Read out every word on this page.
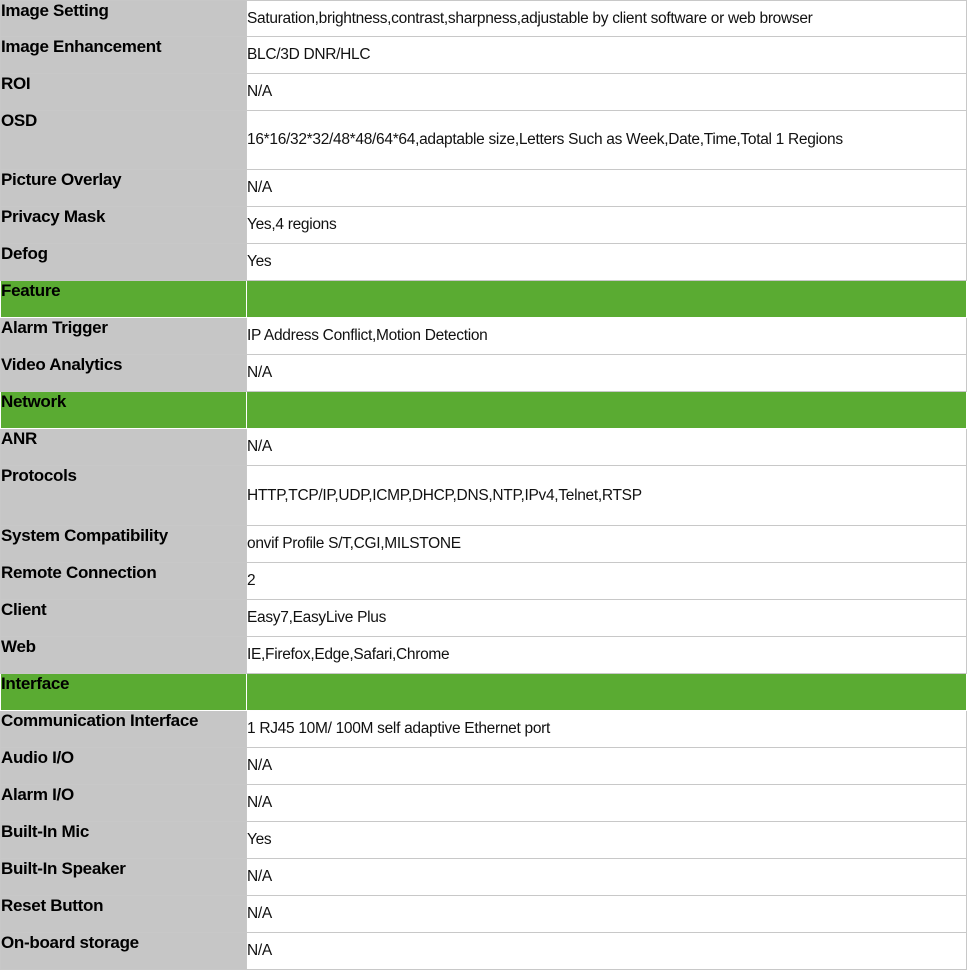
Image Setting	Saturation,brightness,contrast,sharpness,adjustable by client software or web browser
Image Enhancement	BLC/3D DNR/HLC
ROI	N/A
OSD	16*16/32*32/48*48/64*64,adaptable size,Letters Such as Week,Date,Time,Total 1 Regions
Picture Overlay	N/A
Privacy Mask	Yes,4 regions
Defog	Yes
Feature	
Alarm Trigger	IP Address Conflict,Motion Detection
Video Analytics	N/A
Network	
ANR	N/A
Protocols	HTTP,TCP/IP,UDP,ICMP,DHCP,DNS,NTP,IPv4,Telnet,RTSP
System Compatibility	onvif Profile S/T,CGI,MILSTONE
Remote Connection	2
Client	Easy7,EasyLive Plus
Web	IE,Firefox,Edge,Safari,Chrome
Interface	
Communication Interface	1 RJ45 10M/ 100M self adaptive Ethernet port
Audio I/O	N/A
Alarm I/O	N/A
Built-In Mic	Yes
Built-In Speaker	N/A
Reset Button	N/A
On-board storage	N/A
